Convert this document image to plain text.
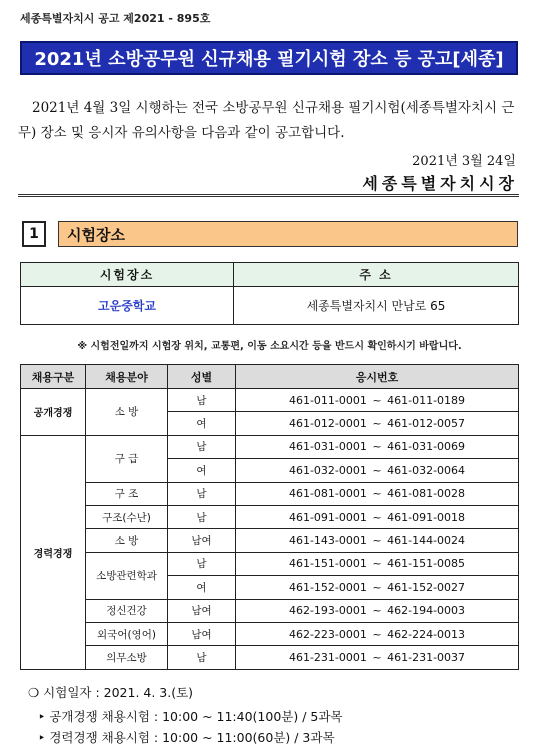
세종특별자치시 공고 제2021 - 895호
2021년 소방공무원 신규채용 필기시험 장소 등 공고[세종]

2021년 4월 3일 시행하는 전국 소방공무원 신규채용 필기시험(세종특별자치시 근무) 장소 및 응시자 유의사항을 다음과 같이 공고합니다.

2021년 3월 24일
세종특별자치시장
1	시험장소
시험장소	주 소
고운중학교	세종특별자치시 만남로 65
※ 시험전일까지 시험장 위치, 교통편, 이동 소요시간 등을 반드시 확인하시기 바랍니다.
채용구분	채용분야	성별	응시번호
공개경쟁	소 방	남	461-011-0001 ~ 461-011-0189
		여	461-012-0001 ~ 461-012-0057
경력경쟁	구 급	남	461-031-0001 ~ 461-031-0069
		여	461-032-0001 ~ 461-032-0064
	구 조	남	461-081-0001 ~ 461-081-0028
	구조(수난)	남	461-091-0001 ~ 461-091-0018
	소 방	남여	461-143-0001 ~ 461-144-0024
	소방관련학과	남	461-151-0001 ~ 461-151-0085
		여	461-152-0001 ~ 461-152-0027
	정신건강	남여	462-193-0001 ~ 462-194-0003
	외국어(영어)	남여	462-223-0001 ~ 462-224-0013
	의무소방	남	461-231-0001 ~ 461-231-0037
❍ 시험일자 : 2021. 4. 3.(토)
‣ 공개경쟁 채용시험 : 10:00 ~ 11:40(100분) / 5과목
‣ 경력경쟁 채용시험 : 10:00 ~ 11:00(60분) / 3과목
